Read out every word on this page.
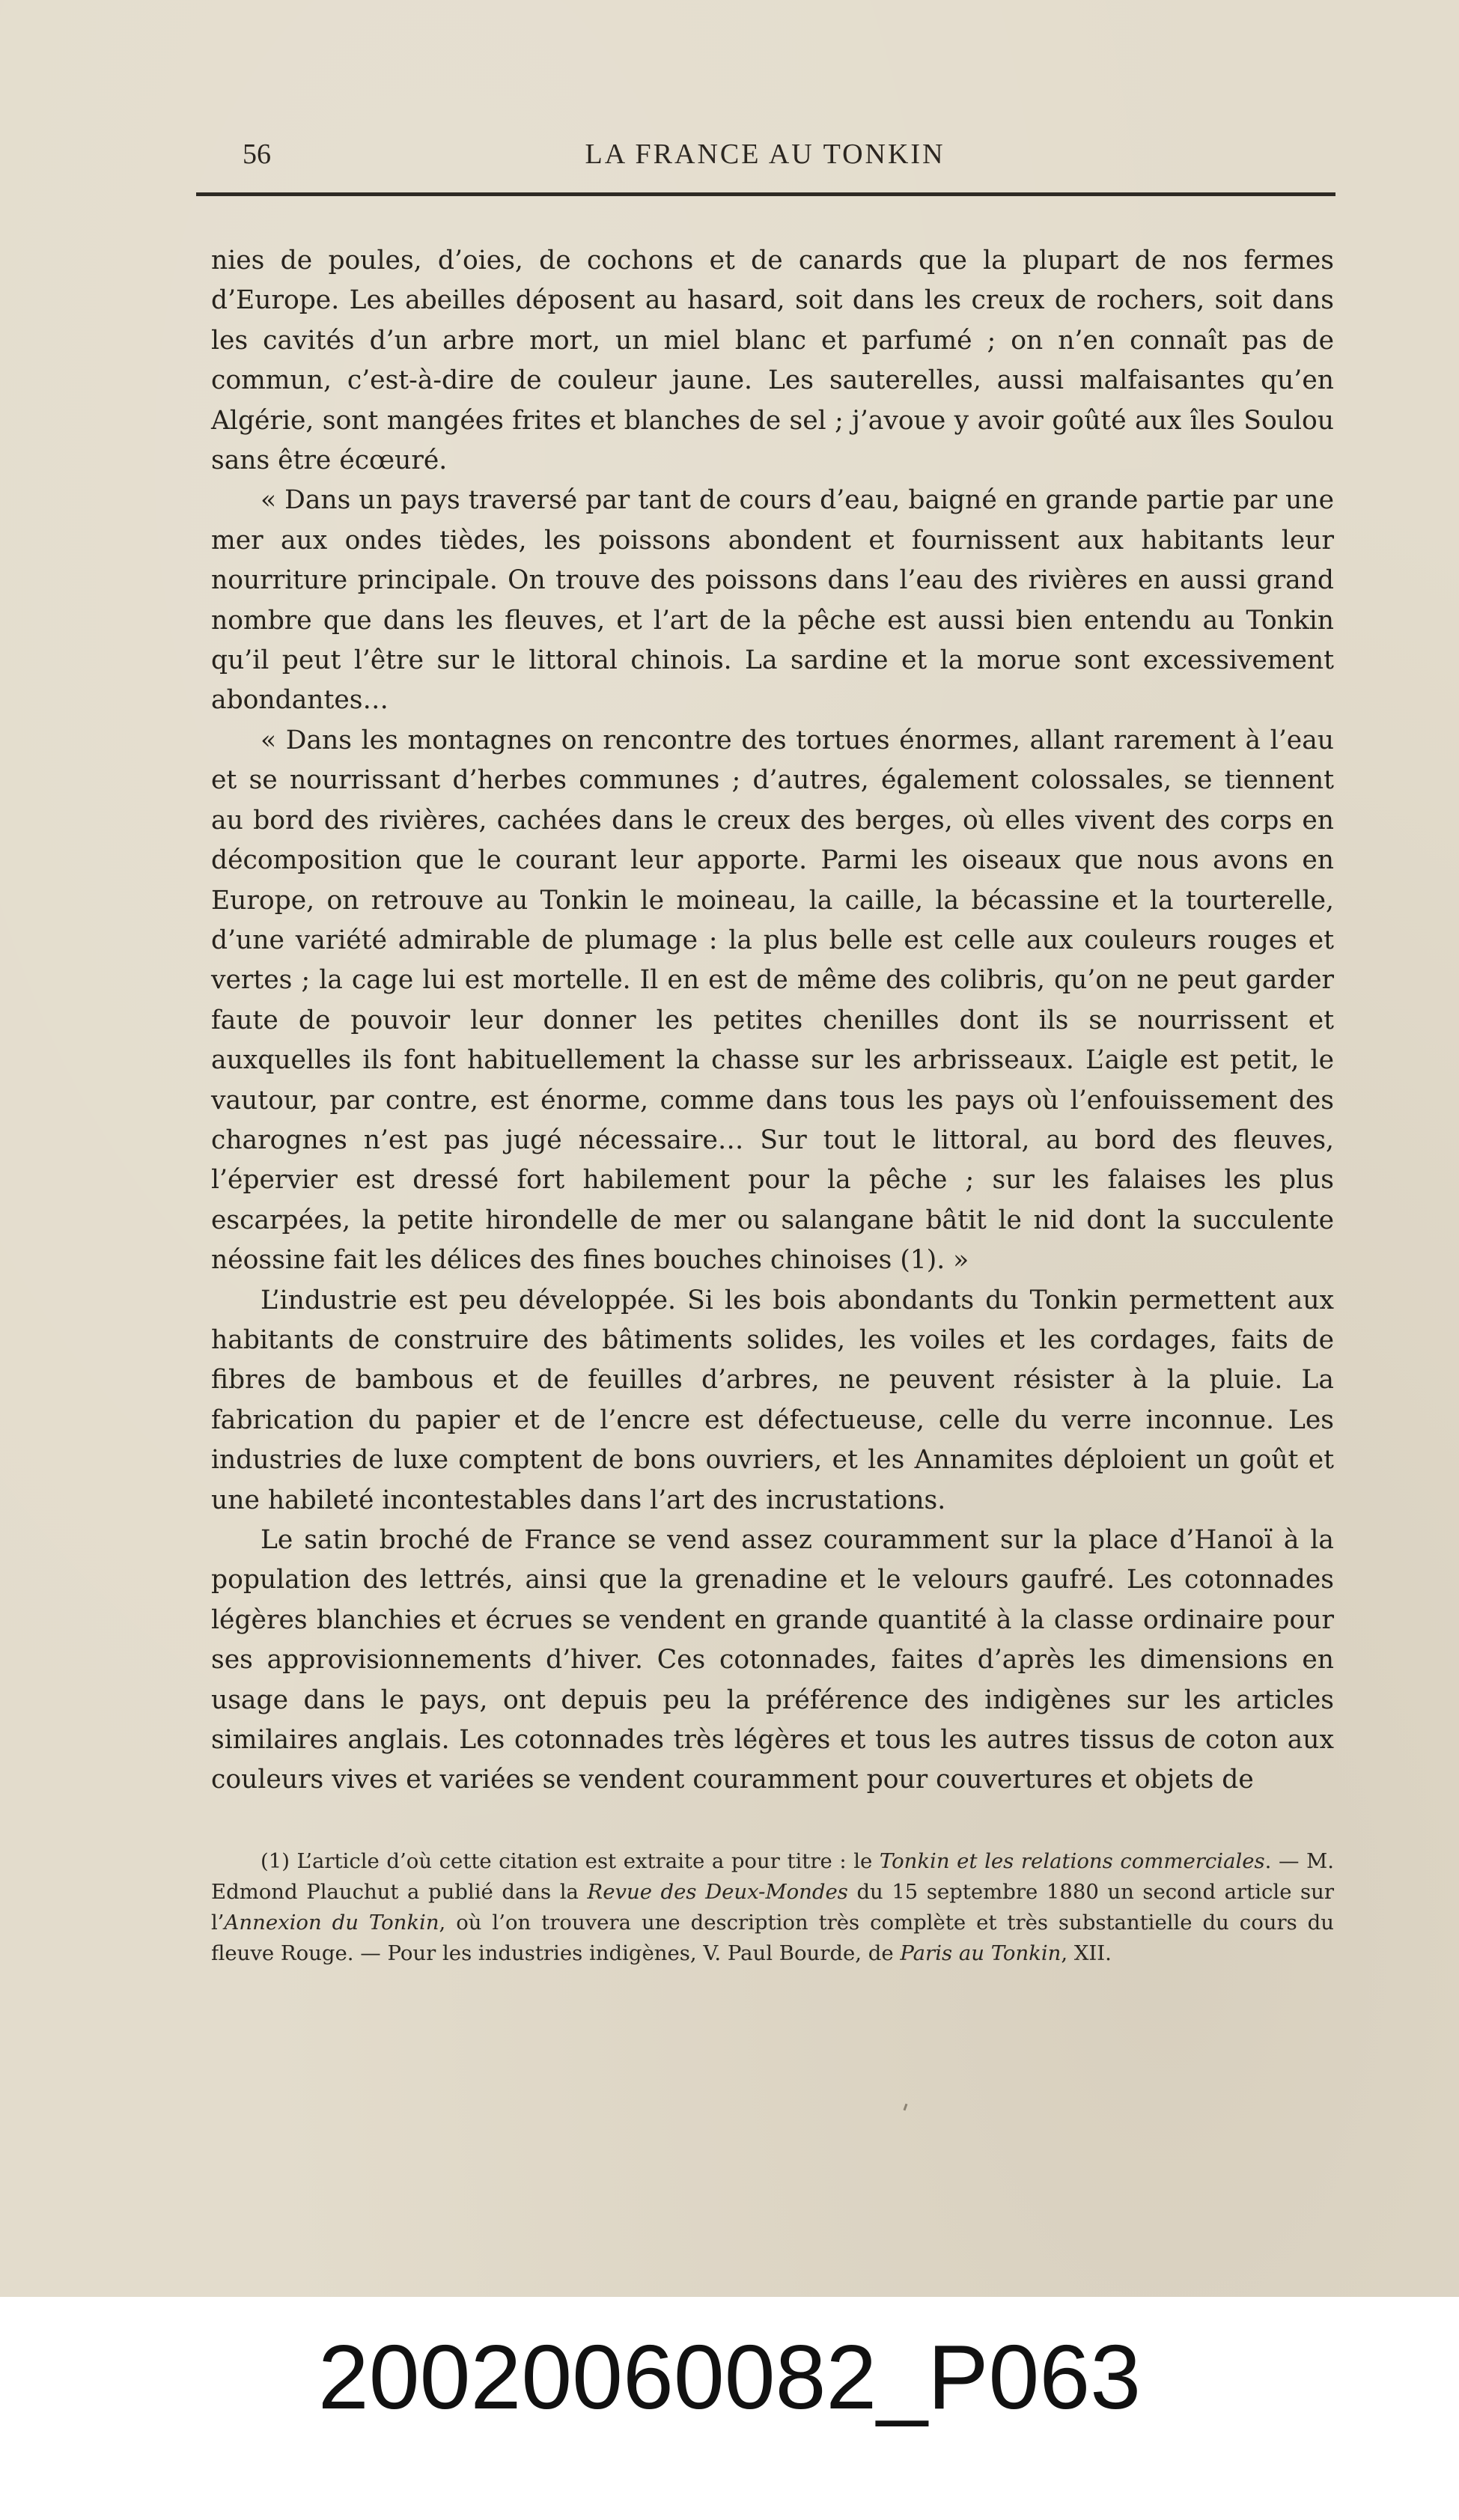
56	LA FRANCE AU TONKIN

nies de poules, d’oies, de cochons et de canards que la plupart de nos fermes d’Europe. Les abeilles déposent au hasard, soit dans les creux de rochers, soit dans les cavités d’un arbre mort, un miel blanc et parfumé ; on n’en connaît pas de commun, c’est-à-dire de couleur jaune. Les sauterelles, aussi malfaisantes qu’en Algérie, sont mangées frites et blanches de sel ; j’avoue y avoir goûté aux îles Soulou sans être écœuré.

« Dans un pays traversé par tant de cours d’eau, baigné en grande partie par une mer aux ondes tièdes, les poissons abondent et fournissent aux habitants leur nourriture principale. On trouve des poissons dans l’eau des rivières en aussi grand nombre que dans les fleuves, et l’art de la pêche est aussi bien entendu au Tonkin qu’il peut l’être sur le littoral chinois. La sardine et la morue sont excessivement abondantes…

« Dans les montagnes on rencontre des tortues énormes, allant rarement à l’eau et se nourrissant d’herbes communes ; d’autres, également colossales, se tiennent au bord des rivières, cachées dans le creux des berges, où elles vivent des corps en décomposition que le courant leur apporte. Parmi les oiseaux que nous avons en Europe, on retrouve au Tonkin le moineau, la caille, la bécassine et la tourterelle, d’une variété admirable de plumage : la plus belle est celle aux couleurs rouges et vertes ; la cage lui est mortelle. Il en est de même des colibris, qu’on ne peut garder faute de pouvoir leur donner les petites chenilles dont ils se nourrissent et auxquelles ils font habituellement la chasse sur les arbrisseaux. L’aigle est petit, le vautour, par contre, est énorme, comme dans tous les pays où l’enfouissement des charognes n’est pas jugé nécessaire… Sur tout le littoral, au bord des fleuves, l’épervier est dressé fort habilement pour la pêche ; sur les falaises les plus escarpées, la petite hirondelle de mer ou salangane bâtit le nid dont la succulente néossine fait les délices des fines bouches chinoises (1). »

L’industrie est peu développée. Si les bois abondants du Tonkin permettent aux habitants de construire des bâtiments solides, les voiles et les cordages, faits de fibres de bambous et de feuilles d’arbres, ne peuvent résister à la pluie. La fabrication du papier et de l’encre est défectueuse, celle du verre inconnue. Les industries de luxe comptent de bons ouvriers, et les Annamites déploient un goût et une habileté incontestables dans l’art des incrustations.

Le satin broché de France se vend assez couramment sur la place d’Hanoï à la population des lettrés, ainsi que la grenadine et le velours gaufré. Les cotonnades légères blanchies et écrues se vendent en grande quantité à la classe ordinaire pour ses approvisionnements d’hiver. Ces cotonnades, faites d’après les dimensions en usage dans le pays, ont depuis peu la préférence des indigènes sur les articles similaires anglais. Les cotonnades très légères et tous les autres tissus de coton aux couleurs vives et variées se vendent couramment pour couvertures et objets de

(1) L’article d’où cette citation est extraite a pour titre : le Tonkin et les relations commerciales. — M. Edmond Plauchut a publié dans la Revue des Deux-Mondes du 15 septembre 1880 un second article sur l’Annexion du Tonkin, où l’on trouvera une description très complète et très substantielle du cours du fleuve Rouge. — Pour les industries indigènes, V. Paul Bourde, de Paris au Tonkin, XII.
20020060082_P063
